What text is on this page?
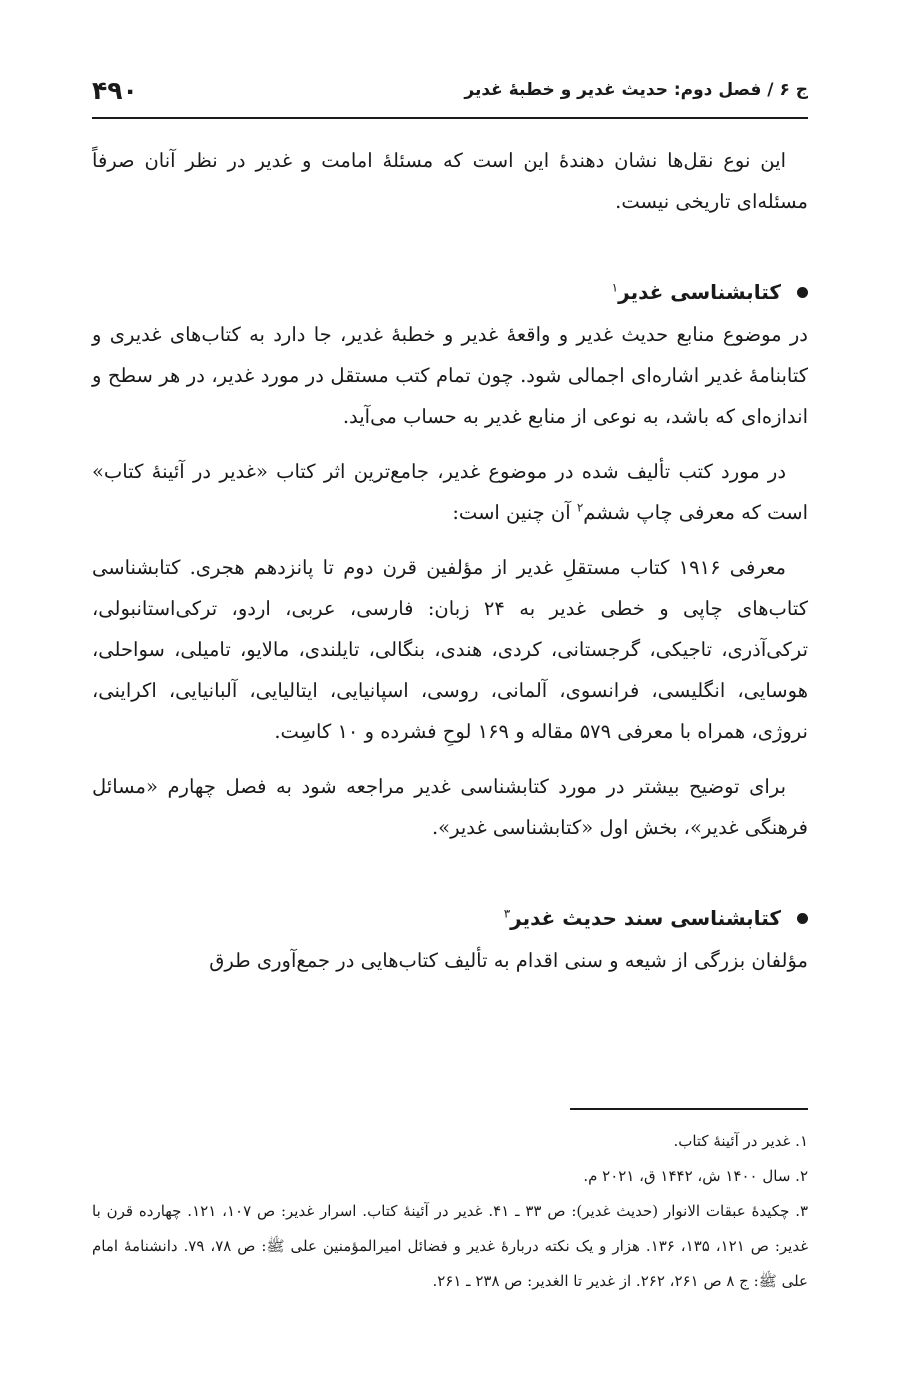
ج ۶ / فصل دوم: حدیث غدیر و خطبۀ غدیر
۴۹۰

این نوع نقل‌ها نشان دهندۀ این است که مسئلۀ امامت و غدیر در نظر آنان صرفاً مسئله‌ای تاریخی نیست.

کتابشناسی غدیر$^۱$

در موضوع منابع حدیث غدیر و واقعۀ غدیر و خطبۀ غدیر، جا دارد به کتاب‌های غدیری و کتابنامۀ غدیر اشاره‌ای اجمالی شود. چون تمام کتب مستقل در مورد غدیر، در هر سطح و اندازه‌ای که باشد، به نوعی از منابع غدیر به حساب می‌آید.

در مورد کتب تألیف شده در موضوع غدیر، جامع‌ترین اثر کتاب «غدیر در آئینۀ کتاب» است که معرفی چاپ ششم$^۲$ آن چنین است:

معرفی ۱۹۱۶ کتاب مستقلِ غدیر از مؤلفین قرن دوم تا پانزدهم هجری. کتابشناسی کتاب‌های چاپی و خطی غدیر به ۲۴ زبان: فارسی، عربی، اردو، ترکی‌استانبولی، ترکی‌آذری، تاجیکی، گرجستانی، کردی، هندی، بنگالی، تایلندی، مالایو، تامیلی، سواحلی، هوسایی، انگلیسی، فرانسوی، آلمانی، روسی، اسپانیایی، ایتالیایی، آلبانیایی، اکراینی، نروژی، همراه با معرفی ۵۷۹ مقاله و ۱۶۹ لوحِ فشرده و ۱۰ کاسِت.

برای توضیح بیشتر در مورد کتابشناسی غدیر مراجعه شود به فصل چهارم «مسائل فرهنگی غدیر»، بخش اول «کتابشناسی غدیر».

کتابشناسی سند حدیث غدیر$^۳$

مؤلفان بزرگی از شیعه و سنی اقدام به تألیف کتاب‌هایی در جمع‌آوری طرق

۱. غدیر در آئینۀ کتاب.

۲. سال ۱۴۰۰ ش، ۱۴۴۲ ق، ۲۰۲۱ م.

۳. چکیدۀ عبقات الانوار (حدیث غدیر): ص ۳۳ ـ ۴۱. غدیر در آئینۀ کتاب. اسرار غدیر: ص ۱۰۷، ۱۲۱. چهارده قرن با غدیر: ص ۱۲۱، ۱۳۵، ۱۳۶. هزار و یک نکته دربارۀ غدیر و فضائل امیرالمؤمنین علی ﷺ: ص ۷۸، ۷۹. دانشنامۀ امام علی ﷺ: ج ۸ ص ۲۶۱، ۲۶۲. از غدیر تا الغدیر: ص ۲۳۸ ـ ۲۶۱.
